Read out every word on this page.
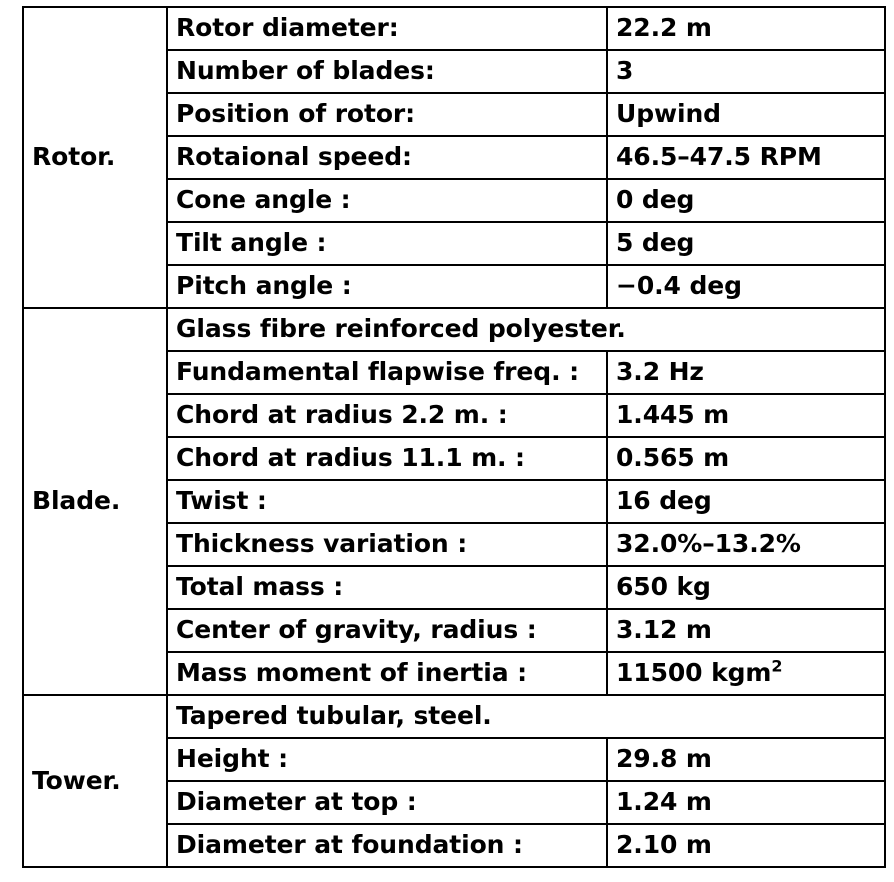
Rotor.	Rotor diameter:	22.2 m
	Number of blades:	3
	Position of rotor:	Upwind
	Rotaional speed:	46.5–47.5 RPM
	Cone angle :	0 deg
	Tilt angle :	5 deg
	Pitch angle :	−0.4 deg
Blade.	Glass fibre reinforced polyester.	
	Fundamental flapwise freq. :	3.2 Hz
	Chord at radius 2.2 m. :	1.445 m
	Chord at radius 11.1 m. :	0.565 m
	Twist :	16 deg
	Thickness variation :	32.0%–13.2%
	Total mass :	650 kg
	Center of gravity, radius :	3.12 m
	Mass moment of inertia :	11500 kgm$^2$
Tower.	Tapered tubular, steel.	
	Height :	29.8 m
	Diameter at top :	1.24 m
	Diameter at foundation :	2.10 m
